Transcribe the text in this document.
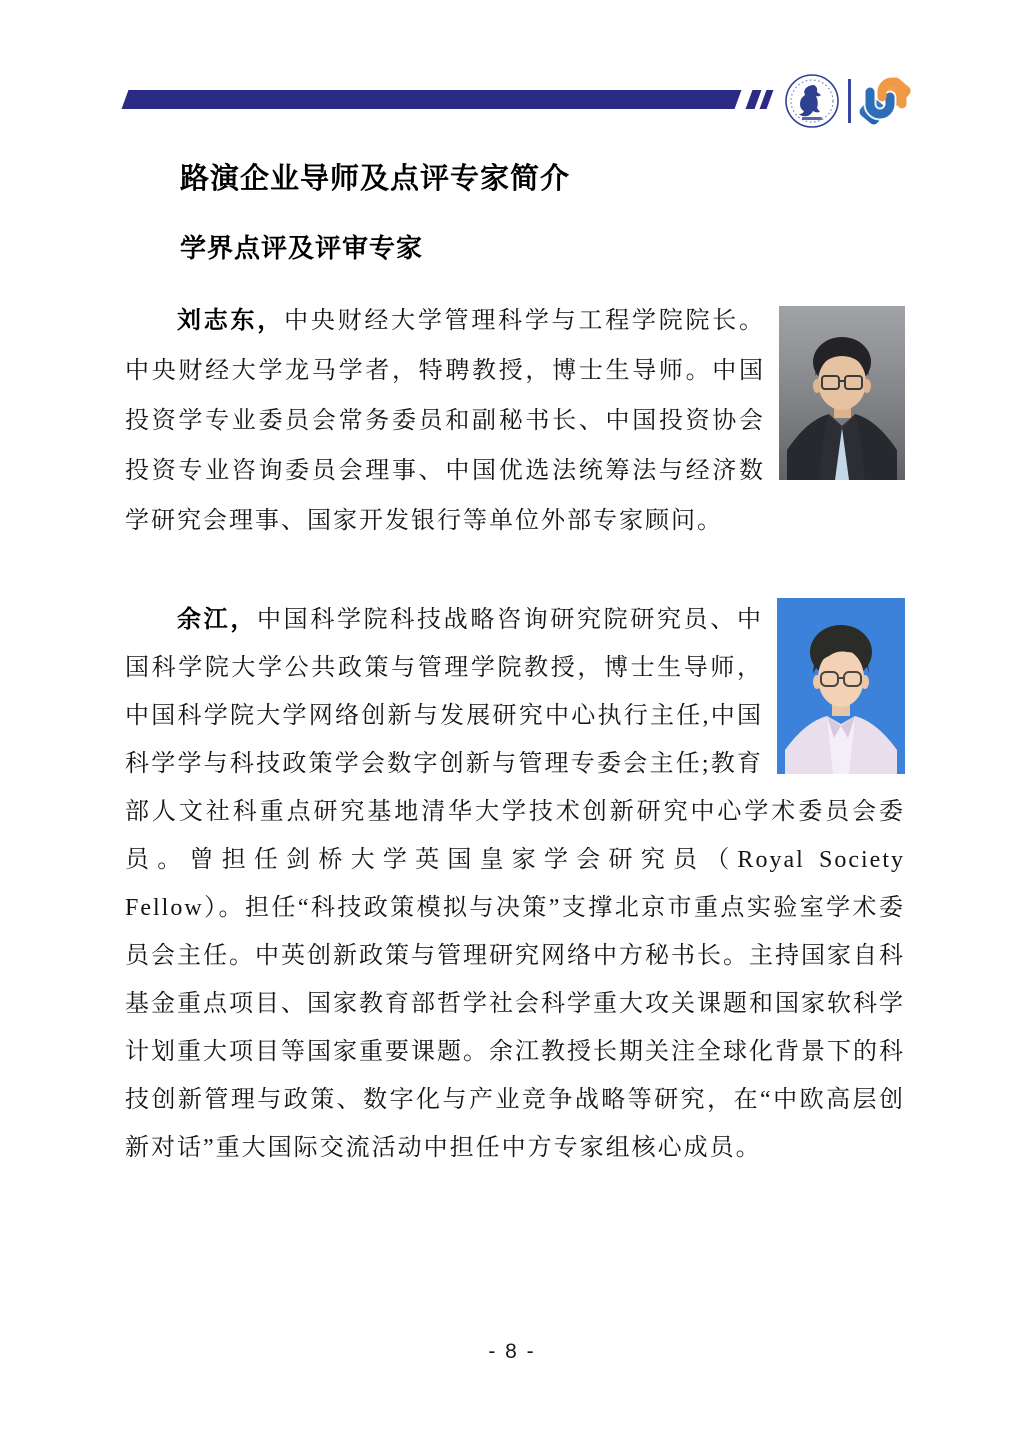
路演企业导师及点评专家简介
学界点评及评审专家

刘志东，中央财经大学管理科学与工程学院院长。中央财经大学龙马学者，特聘教授，博士生导师。中国投资学专业委员会常务委员和副秘书长、中国投资协会投资专业咨询委员会理事、中国优选法统筹法与经济数学研究会理事、国家开发银行等单位外部专家顾问。

余江，中国科学院科技战略咨询研究院研究员、中国科学院大学公共政策与管理学院教授，博士生导师，中国科学院大学网络创新与发展研究中心执行主任,中国科学学与科技政策学会数字创新与管理专委会主任;教育部人文社科重点研究基地清华大学技术创新研究中心学术委员会委员。曾担任剑桥大学英国皇家学会研究员（Royal Society Fellow）。担任“科技政策模拟与决策”支撑北京市重点实验室学术委员会主任。中英创新政策与管理研究网络中方秘书长。主持国家自科基金重点项目、国家教育部哲学社会科学重大攻关课题和国家软科学计划重大项目等国家重要课题。余江教授长期关注全球化背景下的科技创新管理与政策、数字化与产业竞争战略等研究，在“中欧高层创新对话”重大国际交流活动中担任中方专家组核心成员。

- 8 -
